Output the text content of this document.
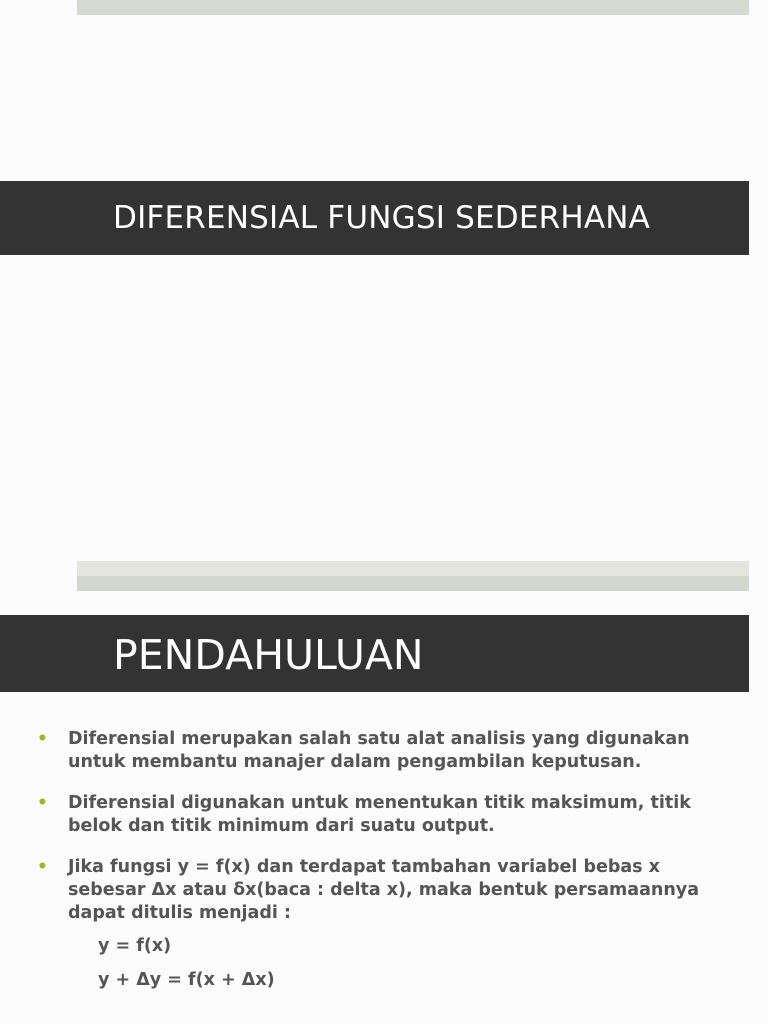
DIFERENSIAL FUNGSI SEDERHANA
PENDAHULUAN
• Diferensial merupakan salah satu alat analisis yang digunakan untuk membantu manajer dalam pengambilan keputusan.
• Diferensial digunakan untuk menentukan titik maksimum, titik belok dan titik minimum dari suatu output.
• Jika fungsi y = f(x) dan terdapat tambahan variabel bebas x sebesar Δx atau δx(baca : delta x), maka bentuk persamaannya dapat ditulis menjadi :
y = f(x)
y + Δy = f(x + Δx)
